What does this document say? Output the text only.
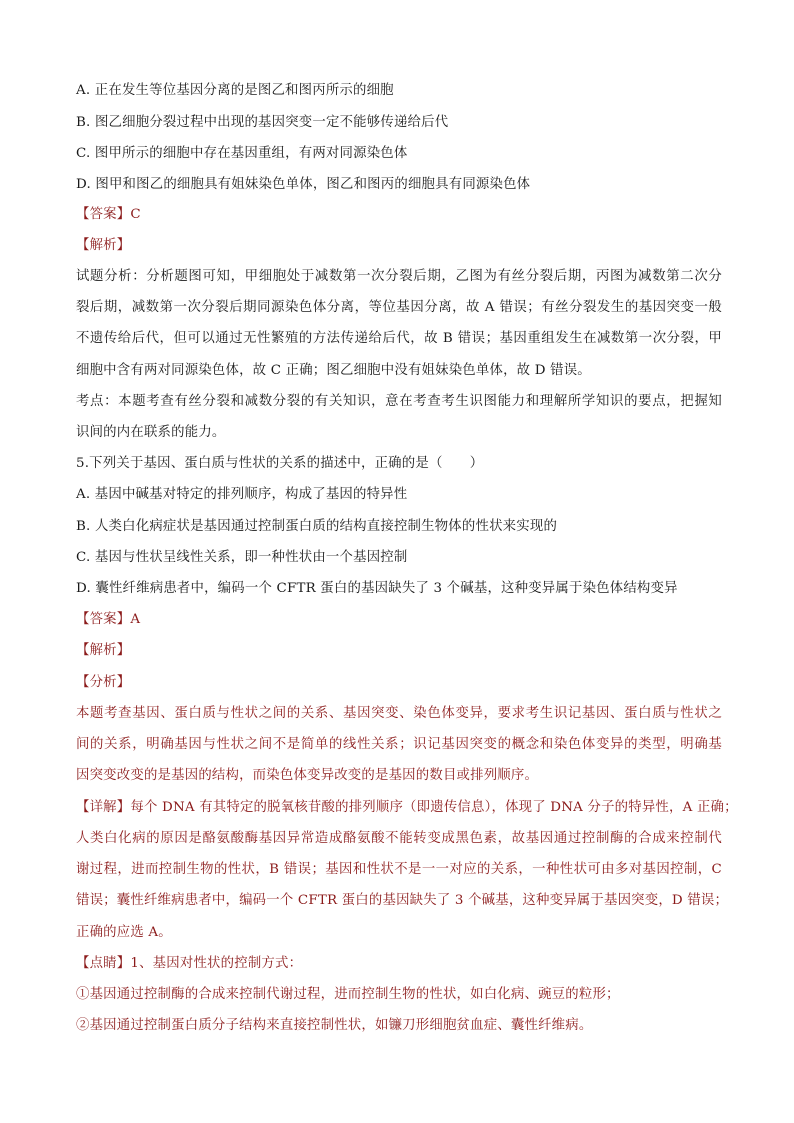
A. 正在发生等位基因分离的是图乙和图丙所示的细胞
B. 图乙细胞分裂过程中出现的基因突变一定不能够传递给后代
C. 图甲所示的细胞中存在基因重组，有两对同源染色体
D. 图甲和图乙的细胞具有姐妹染色单体，图乙和图丙的细胞具有同源染色体
【答案】C
【解析】
试题分析：分析题图可知，甲细胞处于减数第一次分裂后期，乙图为有丝分裂后期，丙图为减数第二次分
裂后期，减数第一次分裂后期同源染色体分离，等位基因分离，故 A 错误；有丝分裂发生的基因突变一般
不遗传给后代，但可以通过无性繁殖的方法传递给后代，故 B 错误；基因重组发生在减数第一次分裂，甲
细胞中含有两对同源染色体，故 C 正确；图乙细胞中没有姐妹染色单体，故 D 错误。
考点：本题考查有丝分裂和减数分裂的有关知识，意在考查考生识图能力和理解所学知识的要点，把握知
识间的内在联系的能力。
5.下列关于基因、蛋白质与性状的关系的描述中，正确的是（　　）
A. 基因中碱基对特定的排列顺序，构成了基因的特异性
B. 人类白化病症状是基因通过控制蛋白质的结构直接控制生物体的性状来实现的
C. 基因与性状呈线性关系，即一种性状由一个基因控制
D. 囊性纤维病患者中，编码一个 CFTR 蛋白的基因缺失了 3 个碱基，这种变异属于染色体结构变异
【答案】A
【解析】
【分析】
本题考查基因、蛋白质与性状之间的关系、基因突变、染色体变异，要求考生识记基因、蛋白质与性状之
间的关系，明确基因与性状之间不是简单的线性关系；识记基因突变的概念和染色体变异的类型，明确基
因突变改变的是基因的结构，而染色体变异改变的是基因的数目或排列顺序。
【详解】每个 DNA 有其特定的脱氧核苷酸的排列顺序（即遗传信息），体现了 DNA 分子的特异性，A 正确；
人类白化病的原因是酪氨酸酶基因异常造成酪氨酸不能转变成黑色素，故基因通过控制酶的合成来控制代
谢过程，进而控制生物的性状，B 错误；基因和性状不是一一对应的关系，一种性状可由多对基因控制，C
错误；囊性纤维病患者中，编码一个 CFTR 蛋白的基因缺失了 3 个碱基，这种变异属于基因突变，D 错误；
正确的应选 A。
【点睛】1、基因对性状的控制方式：
①基因通过控制酶的合成来控制代谢过程，进而控制生物的性状，如白化病、豌豆的粒形；
②基因通过控制蛋白质分子结构来直接控制性状，如镰刀形细胞贫血症、囊性纤维病。
